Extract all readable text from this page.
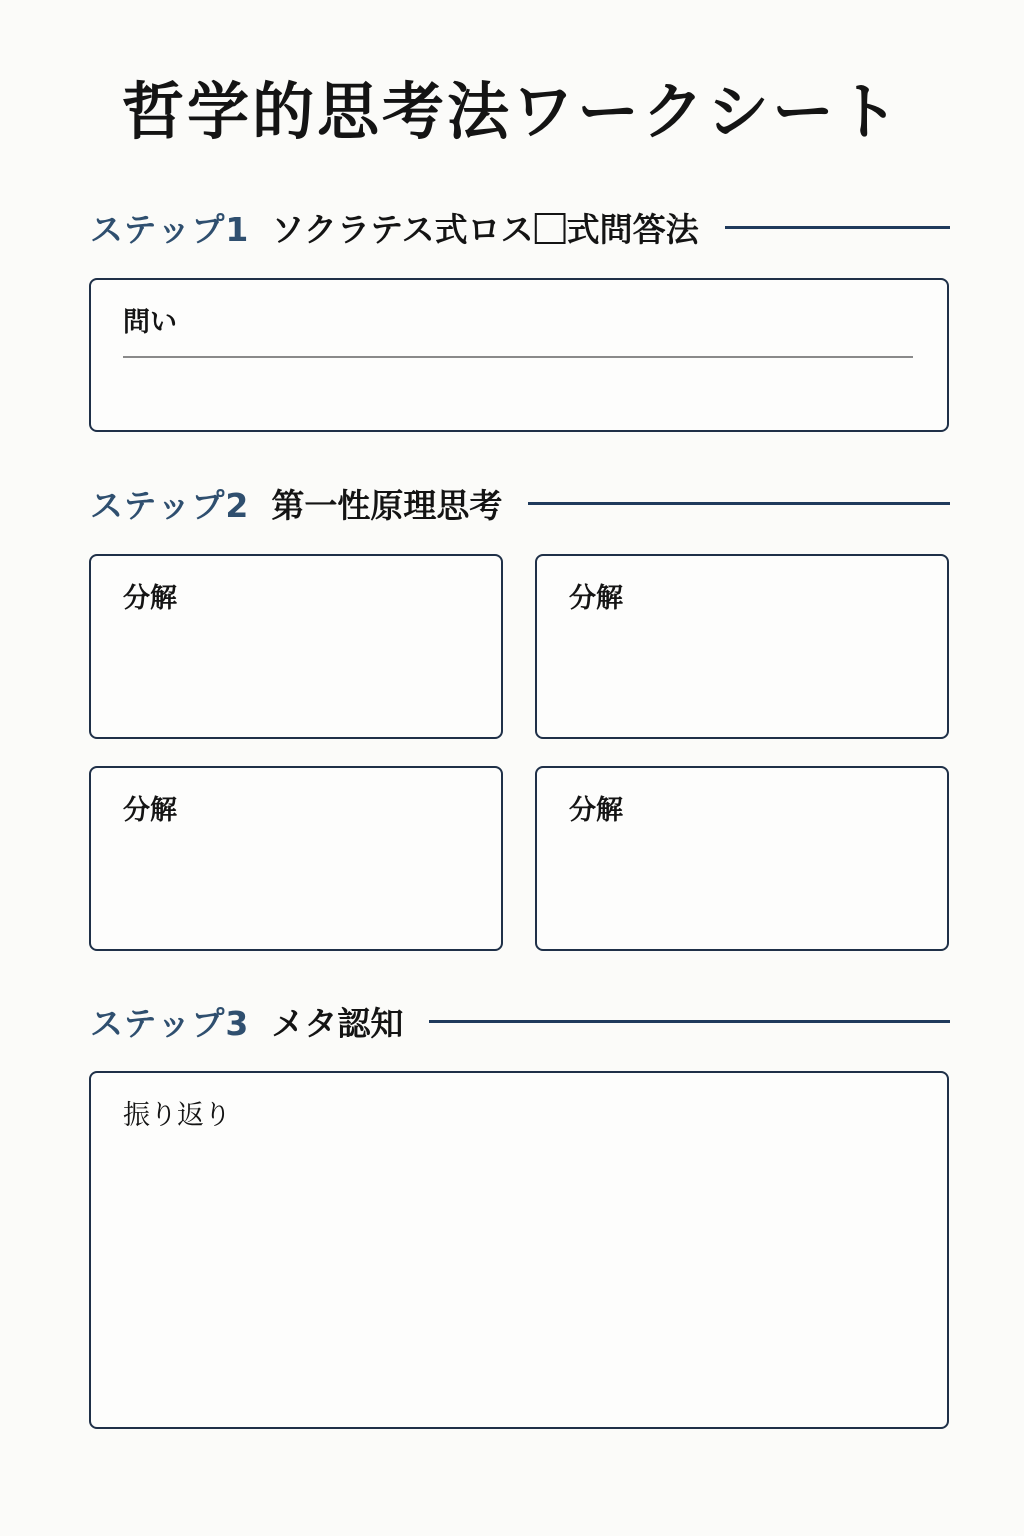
哲学的思考法ワークシート
ステップ1 ソクラテス式ロス⃞式問答法
問い
ステップ2 第一性原理思考
分解	分解
分解	分解
ステップ3 メタ認知
振り返り
